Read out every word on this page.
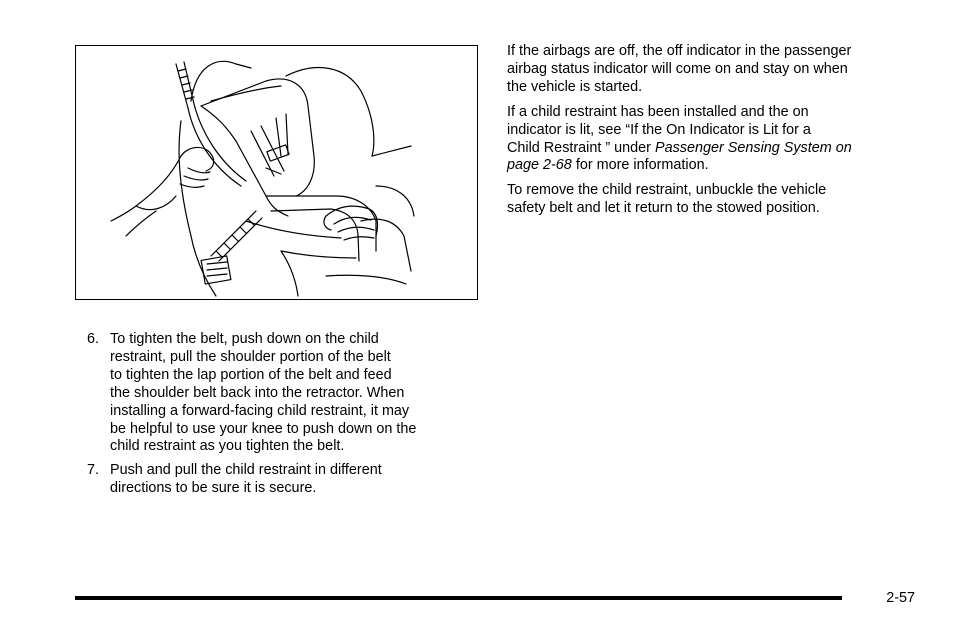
6. To tighten the belt, push down on the child
restraint, pull the shoulder portion of the belt
to tighten the lap portion of the belt and feed
the shoulder belt back into the retractor. When
installing a forward-facing child restraint, it may
be helpful to use your knee to push down on the
child restraint as you tighten the belt.
7. Push and pull the child restraint in different
directions to be sure it is secure.

If the airbags are off, the off indicator in the passenger
airbag status indicator will come on and stay on when
the vehicle is started.

If a child restraint has been installed and the on
indicator is lit, see “If the On Indicator is Lit for a
Child Restraint ” under Passenger Sensing System on
page 2-68 for more information.

To remove the child restraint, unbuckle the vehicle
safety belt and let it return to the stowed position.

2-57
